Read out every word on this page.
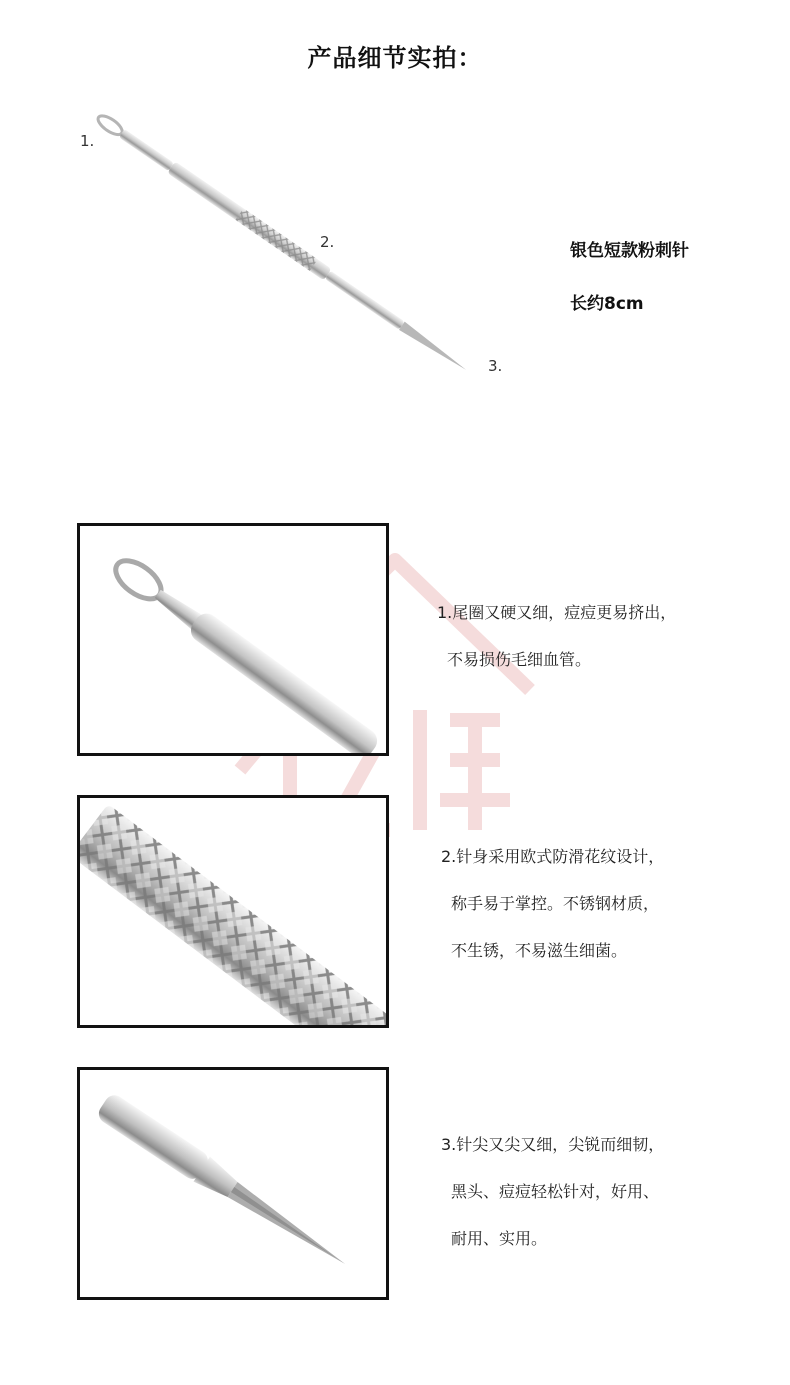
产品细节实拍：
1.
2.
3.
银色短款粉刺针
长约8cm
1.尾圈又硬又细，痘痘更易挤出，
不易损伤毛细血管。
2.针身采用欧式防滑花纹设计，
称手易于掌控。不锈钢材质，
不生锈，不易滋生细菌。
3.针尖又尖又细，尖锐而细韧，
黑头、痘痘轻松针对，好用、
耐用、实用。
